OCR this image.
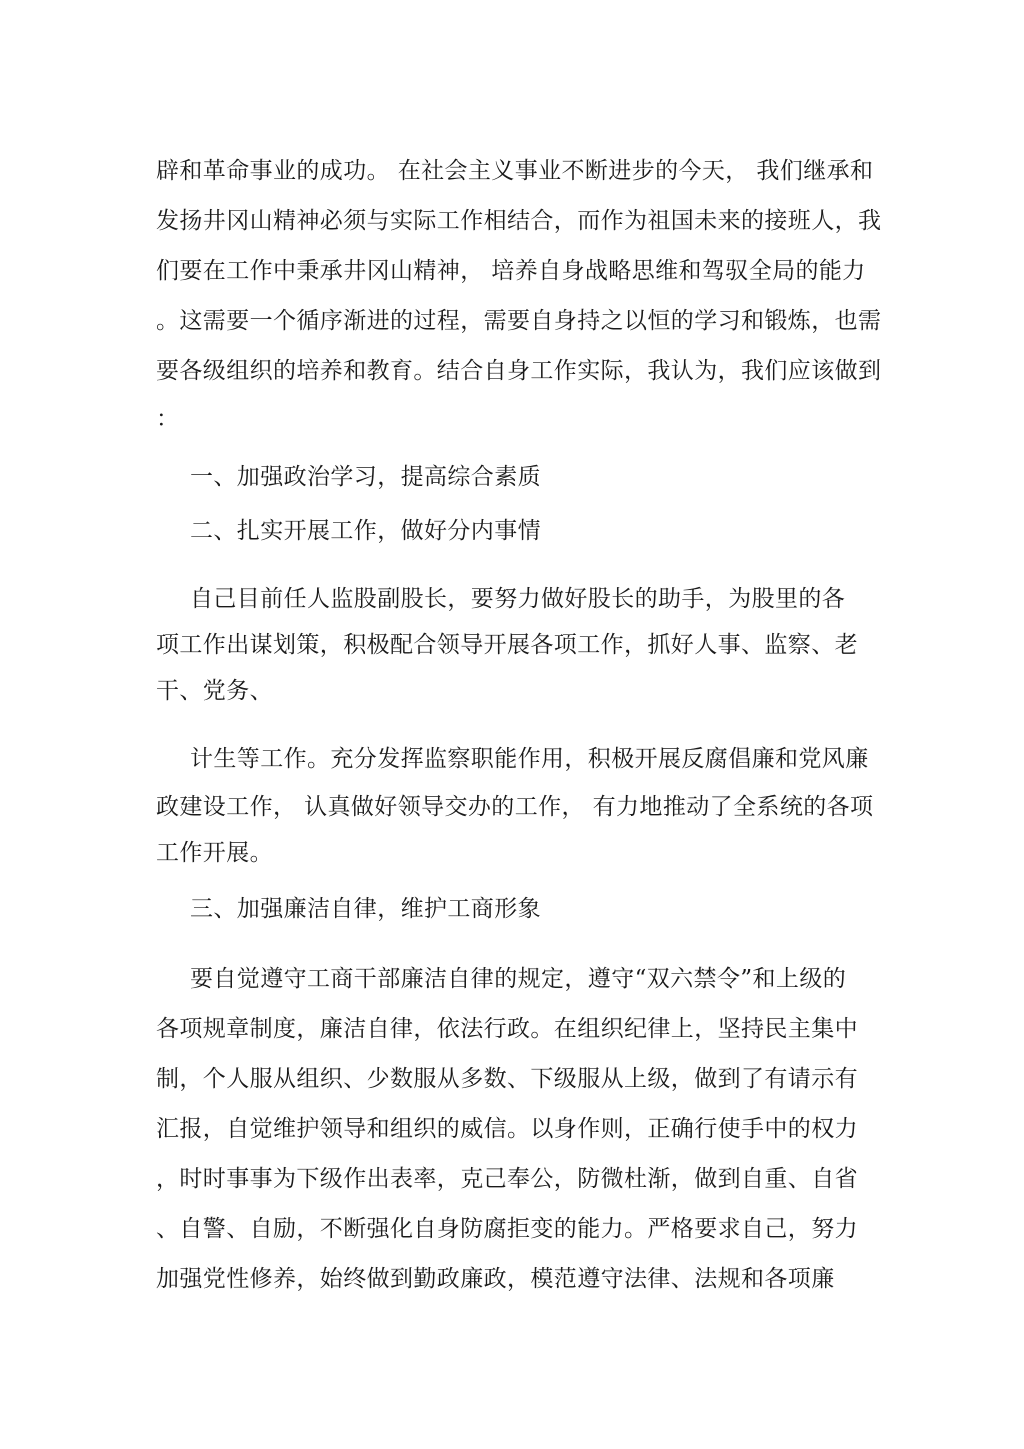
辟和革命事业的成功。 在社会主义事业不断进步的今天， 我们继承和
发扬井冈山精神必须与实际工作相结合，而作为祖国未来的接班人，我
们要在工作中秉承井冈山精神， 培养自身战略思维和驾驭全局的能力
。这需要一个循序渐进的过程，需要自身持之以恒的学习和锻炼，也需
要各级组织的培养和教育。结合自身工作实际，我认为，我们应该做到
：
一、加强政治学习，提高综合素质
二、扎实开展工作，做好分内事情
自己目前任人监股副股长，要努力做好股长的助手，为股里的各
项工作出谋划策，积极配合领导开展各项工作，抓好人事、监察、老
干、党务、
计生等工作。充分发挥监察职能作用，积极开展反腐倡廉和党风廉
政建设工作， 认真做好领导交办的工作， 有力地推动了全系统的各项
工作开展。
三、加强廉洁自律，维护工商形象
要自觉遵守工商干部廉洁自律的规定，遵守“双六禁令”和上级的
各项规章制度，廉洁自律，依法行政。在组织纪律上，坚持民主集中
制，个人服从组织、少数服从多数、下级服从上级，做到了有请示有
汇报，自觉维护领导和组织的威信。以身作则，正确行使手中的权力
，时时事事为下级作出表率，克己奉公，防微杜渐，做到自重、自省
、自警、自励，不断强化自身防腐拒变的能力。严格要求自己，努力
加强党性修养，始终做到勤政廉政，模范遵守法律、法规和各项廉
